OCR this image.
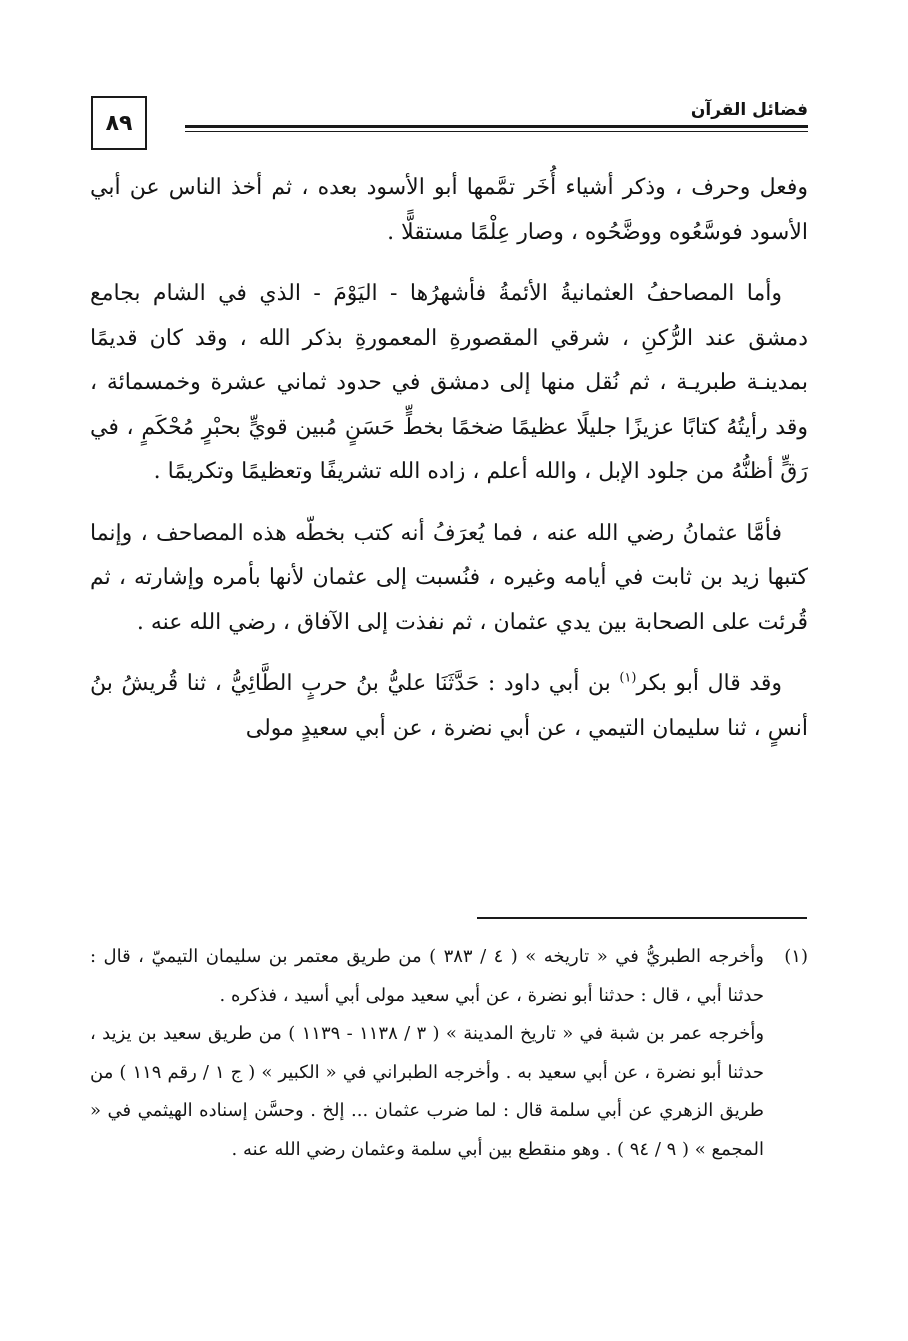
٨٩
فضائل القرآن

وفعل وحرف ، وذكر أشياء أُخَر تمَّمها أبو الأسود بعده ، ثم أخذ الناس عن أبي الأسود فوسَّعُوه ووضَّحُوه ، وصار عِلْمًا مستقلًّا .

وأما المصاحفُ العثمانيةُ الأئمةُ فأشهرُها - اليَوْمَ - الذي في الشام بجامع دمشق عند الرُّكنِ ، شرقي المقصورةِ المعمورةِ بذكر الله ، وقد كان قديمًا بمدينـة طبريـة ، ثم نُقل منها إلى دمشق في حدود ثماني عشرة وخمسمائة ، وقد رأيتُهُ كتابًا عزيزًا جليلًا عظيمًا ضخمًا بخطٍّ حَسَنٍ مُبين قويٍّ بحبْرٍ مُحْكَمٍ ، في رَقٍّ أظنُّهُ من جلود الإبل ، والله أعلم ، زاده الله تشريفًا وتعظيمًا وتكريمًا .

فأمَّا عثمانُ رضي الله عنه ، فما يُعرَفُ أنه كتب بخطّه هذه المصاحف ، وإنما كتبها زيد بن ثابت في أيامه وغيره ، فنُسبت إلى عثمان لأنها بأمره وإشارته ، ثم قُرئت على الصحابة بين يدي عثمان ، ثم نفذت إلى الآفاق ، رضي الله عنه .

وقد قال أبو بكر$^{(١)}$ بن أبي داود : حَدَّثَنَا عليُّ بنُ حربٍ الطَّائِيُّ ، ثنا قُريشُ بنُ أنسٍ ، ثنا سليمان التيمي ، عن أبي نضرة ، عن أبي سعيدٍ مولى

(١)

وأخرجه الطبريُّ في « تاريخه » ( ٤ / ٣٨٣ ) من طريق معتمر بن سليمان التيميّ ، قال : حدثنا أبي ، قال : حدثنا أبو نضرة ، عن أبي سعيد مولى أبي أسيد ، فذكره .

وأخرجه عمر بن شبة في « تاريخ المدينة » ( ٣ / ١١٣٨ - ١١٣٩ ) من طريق سعيد بن يزيد ، حدثنا أبو نضرة ، عن أبي سعيد به . وأخرجه الطبراني في « الكبير » ( ج ١ / رقم ١١٩ ) من طريق الزهري عن أبي سلمة قال : لما ضرب عثمان ... إلخ . وحسَّن إسناده الهيثمي في « المجمع » ( ٩ / ٩٤ ) . وهو منقطع بين أبي سلمة وعثمان رضي الله عنه .
